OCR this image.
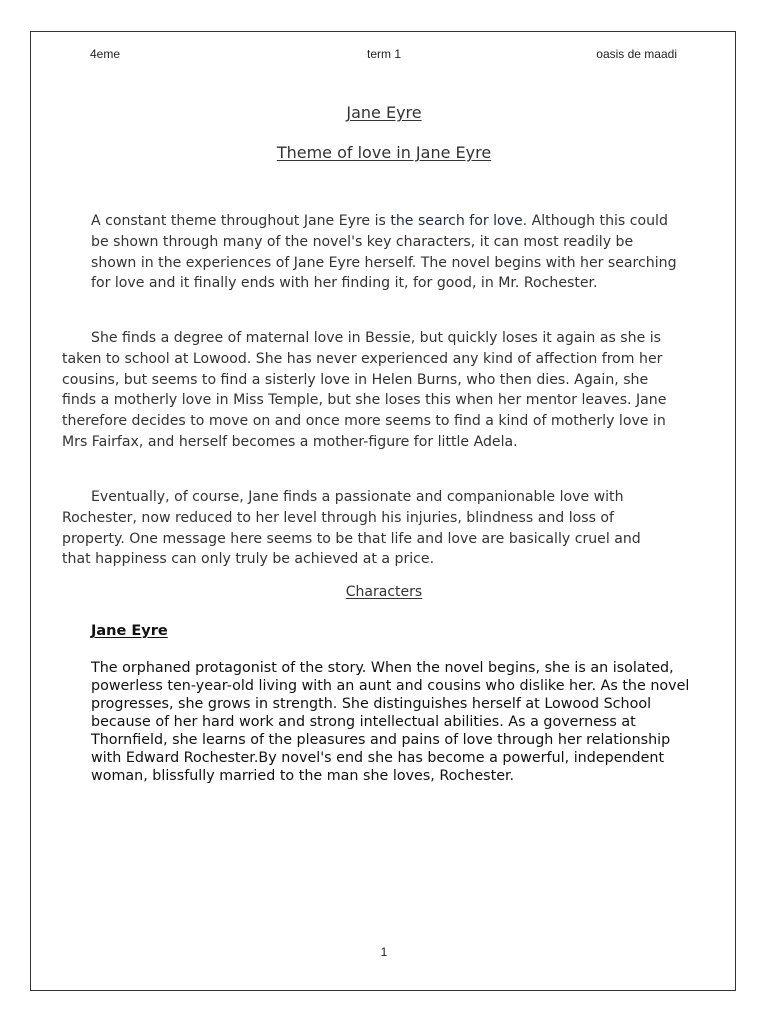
4eme	term 1	oasis de maadi
Jane Eyre
Theme of love in Jane Eyre

A constant theme throughout Jane Eyre is the search for love. Although this could be shown through many of the novel's key characters, it can most readily be shown in the experiences of Jane Eyre herself. The novel begins with her searching for love and it finally ends with her finding it, for good, in Mr. Rochester.

She finds a degree of maternal love in Bessie, but quickly loses it again as she is taken to school at Lowood. She has never experienced any kind of affection from her cousins, but seems to find a sisterly love in Helen Burns, who then dies. Again, she finds a motherly love in Miss Temple, but she loses this when her mentor leaves. Jane therefore decides to move on and once more seems to find a kind of motherly love in Mrs Fairfax, and herself becomes a mother-figure for little Adela.

Eventually, of course, Jane finds a passionate and companionable love with Rochester, now reduced to her level through his injuries, blindness and loss of property. One message here seems to be that life and love are basically cruel and that happiness can only truly be achieved at a price.

Characters
Jane Eyre

The orphaned protagonist of the story. When the novel begins, she is an isolated, powerless ten-year-old living with an aunt and cousins who dislike her. As the novel progresses, she grows in strength. She distinguishes herself at Lowood School because of her hard work and strong intellectual abilities. As a governess at Thornfield, she learns of the pleasures and pains of love through her relationship with Edward Rochester.By novel's end she has become a powerful, independent woman, blissfully married to the man she loves, Rochester.

1
